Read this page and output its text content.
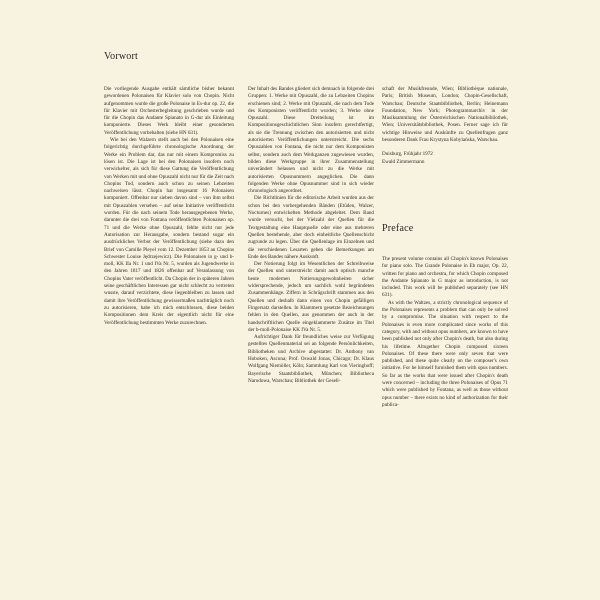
Vorwort

Die vorliegende Ausgabe enthält sämtliche bisher bekannt gewordenen Polonaisen für Klavier solo von Chopin. Nicht aufgenommen wurde die große Polonaise in Es-dur op. 22, die für Klavier mit Orchesterbegleitung geschrieben wurde und für die Chopin das Andante Spianato in G-dur als Einleitung komponierte. Dieses Werk bleibt einer gesonderten Veröffentlichung vorbehalten (siehe HN 631).

Wie bei den Walzern stellt auch bei den Polonaisen eine folgerichtig durchgeführte chronologische Anordnung der Werke ein Problem dar, das nur mit einem Kompromiss zu lösen ist. Die Lage ist bei den Polonaisen insofern noch verwickelter, als sich für diese Gattung die Veröffentlichung von Werken mit und ohne Opuszahl nicht nur für die Zeit nach Chopins Tod, sondern auch schon zu seinen Lebzeiten nachweisen lässt. Chopin hat insgesamt 16 Polonaisen komponiert. Offenbar nur sieben davon sind – von ihm selbst mit Opuszahlen versehen – auf seine Initiative veröffentlicht worden. Für die nach seinem Tode herausgegebenen Werke, darunter die drei von Fontana veröffentlichten Polonaisen op. 71 und die Werke ohne Opuszahl, fehlte nicht nur jede Autorisation zur Herausgabe, sondern bestand sogar ein ausdrückliches Verbot der Veröffentlichung (siehe dazu den Brief von Camille Pleyel vom 12. Dezember 1853 an Chopins Schwester Louise Jędrzejewicz). Die Polonaisen in g- und b-moll, KK IIa Nr. 1 und IVa Nr. 5, wurden als Jugendwerke in den Jahren 1817 und 1826 offenbar auf Veranlassung von Chopins Vater veröffentlicht. Da Chopin der in späteren Jahren seine geschäftlichen Interessen gar nicht schlecht zu vertreten wusste, darauf verzichtete, diese liegenbleiben zu lassen und damit ihre Veröffentlichung gewissermaßen nachträglich noch zu autorisieren, habe ich mich entschlossen, diese beiden Kompositionen dem Kreis der eigentlich nicht für eine Veröffentlichung bestimmten Werke zuzurechnen.

Der Inhalt des Bandes gliedert sich demnach in folgende drei Gruppen: 1. Werke mit Opuszahl, die zu Lebzeiten Chopins erschienen sind; 2. Werke mit Opuszahl, die nach dem Tode des Komponisten veröffentlicht wurden; 3. Werke ohne Opuszahl. Diese Dreiteilung ist im Kompositionsgeschichtlichen Sinn insofern gerechtfertigt, als sie die Trennung zwischen den autorisierten und nicht autorisierten Veröffentlichungen unterstreicht. Die sechs Opuszahlen von Fontana, die nicht nur dem Komponisten selbst, sondern auch dem Werkganzen zugewiesen wurden, bilden diese Werkgruppe in ihrer Zusammenstellung unverändert belassen und nicht zu die Werke mit autorisierten Opusnummern angeglichen. Die dann folgenden Werke ohne Opusnummer sind in sich wieder chronologisch angeordnet.

Die Richtlinien für die editorische Arbeit wurden aus der schon bei den vorhergehenden Bänden (Etüden, Walzer, Nocturnes) entwickelten Methode abgeleitet. Dem Band wurde versucht, bei der Vielzahl der Quellen für die Textgestaltung eine Hauptquelle oder eine aus mehreren Quellen bestehende, aber doch einheitliche Quellenschicht zugrunde zu legen. Über die Quellenlage im Einzelnen und die verschiedenen Lesarten geben die Bemerkungen am Ende des Bandes nähere Auskunft.

Der Notierung folgt im Wesentlichen der Schreibweise der Quellen und unterstreicht damit auch optisch manche heute modernen Notierungsgewohnheiten sicher widersprechende, jedoch um sachlich wohl begründeten Zusammenhänge. Ziffern in Schrägschrift stammen aus den Quellen und deshalb dann einen von Chopin gefälligen Fingersatz darstellen. In Klammern gesetzte Bezeichnungen fehlen in den Quellen, aus genommen der auch in der handschriftlichen Quelle eingeklammerte Zusätze im Titel der b-moll-Polonaise KK IVa Nr. 5.

Aufrichtiger Dank für freundliches weise zur Verfügung gestelltes Quellenmaterial sei an folgende Persönlichkeiten, Bibliotheken und Archive abgestattet: Dr. Anthony van Hoboken, Ascona; Prof. Oswald Jonas, Chicago; Dr. Klaus Wolfgang Niemöller, Köln; Sammlung Karl von Vieringhoff; Bayerische Staatsbibliothek, München; Bibliotheca Narodowa, Warschau; Bibliothek der Gesell-

schaft der Musikfreunde, Wien; Bibliothèque nationale, Paris; British Museum, London; Chopin-Gesellschaft, Warschau; Deutsche Staatsbibliothek, Berlin; Heinemann Foundation, New York; Photogrammarchiv in der Musiksammlung der Österreichischen Nationalbibliothek, Wien; Universitätsbibliothek, Posen. Ferner sage ich für wichtige Hinweise und Auskünfte zu Quellenfragen ganz besonderen Dank Frau Krystyna Kobylańska, Warschau.

Duisburg, Frühjahr 1972

Ewald Zimmermann

Preface

The present volume contains all Chopin's known Polonaises for piano solo. The Grande Polonaise in Eb major, Op. 22, written for piano and orchestra, for which Chopin composed the Andante Spianato in G major as introduction, is not included. This work will be published separately (see HN 631).

As with the Waltzes, a strictly chronological sequence of the Polonaises represents a problem that can only be solved by a compromise. The situation with respect to the Polonaises is even more complicated since works of this category, with and without opus numbers, are known to have been published not only after Chopin's death, but also during his lifetime. Altogether Chopin composed sixteen Polonaises. Of these there were only seven that were published, and these quite clearly on the composer's own initiative. For he himself furnished them with opus numbers. So far as the works that were issued after Chopin's death were concerned – including the three Polonaises of Opus 71 which were published by Fontana, as well as those without opus number – there exists no kind of authorization for their publica-
